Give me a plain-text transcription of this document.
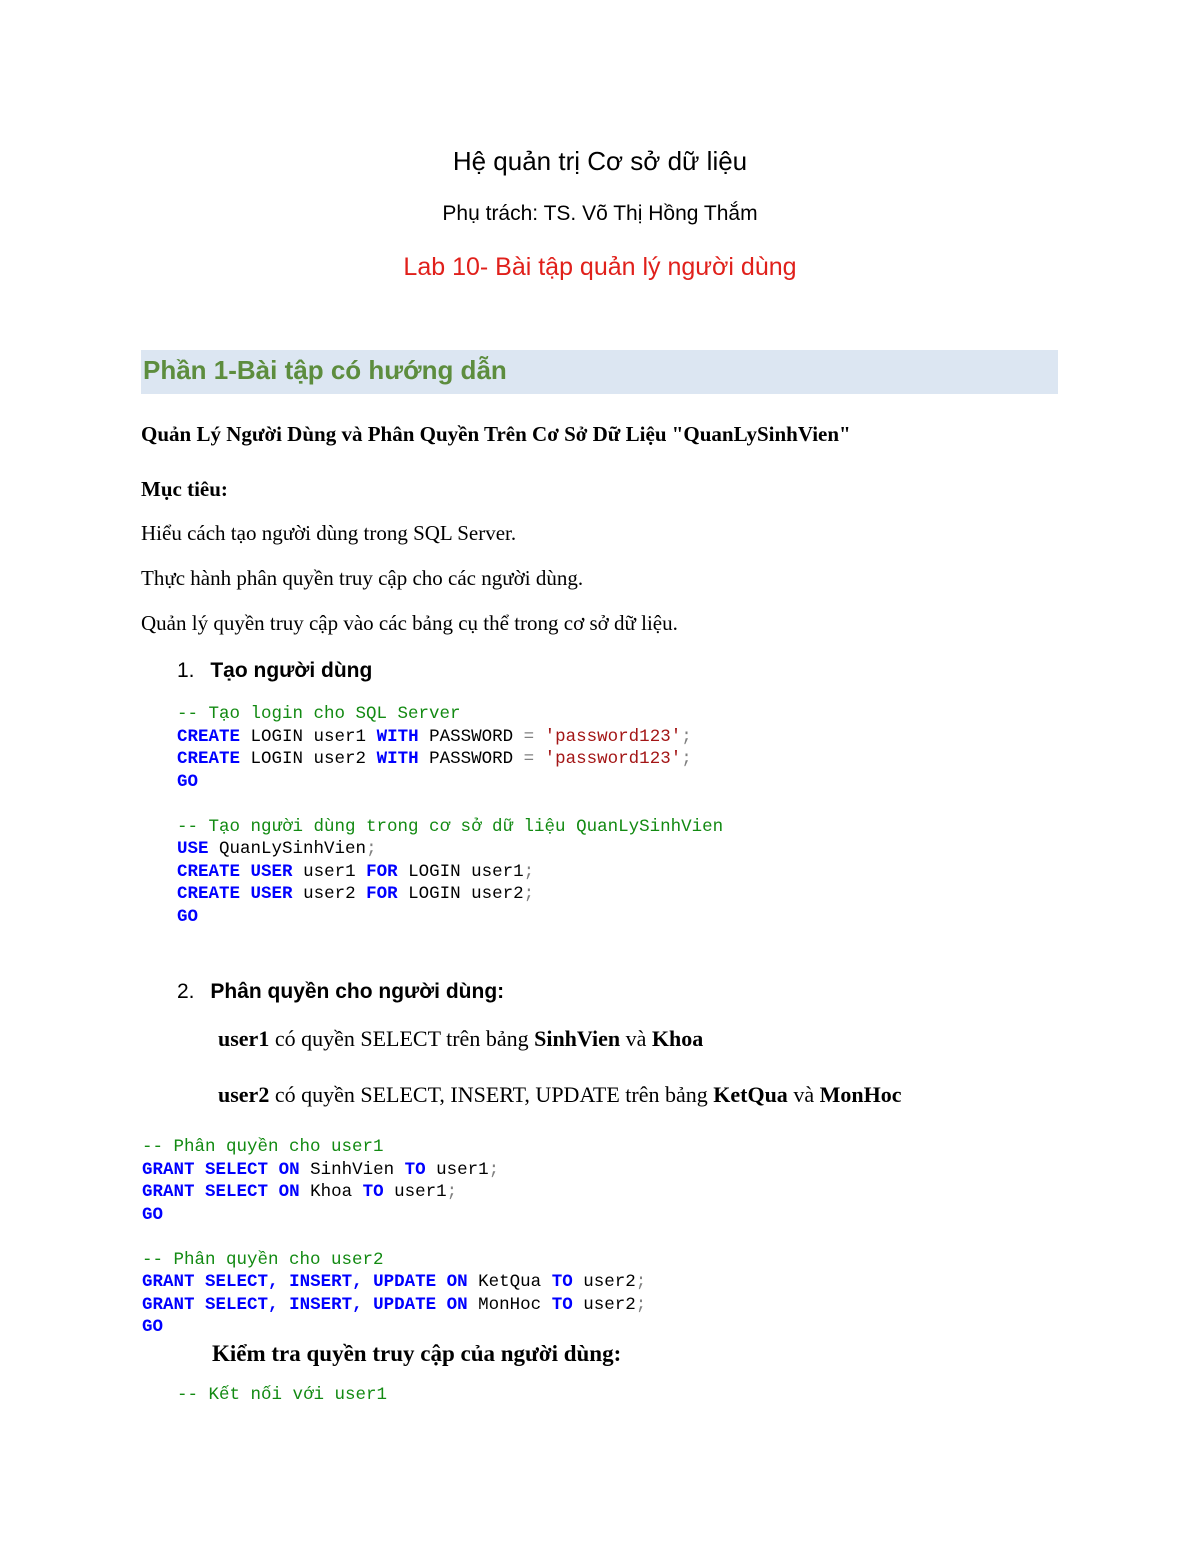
Hệ quản trị Cơ sở dữ liệu
Phụ trách: TS. Võ Thị Hồng Thắm
Lab 10- Bài tập quản lý người dùng
Phần 1-Bài tập có hướng dẫn
Quản Lý Người Dùng và Phân Quyền Trên Cơ Sở Dữ Liệu "QuanLySinhVien"
Mục tiêu:
Hiểu cách tạo người dùng trong SQL Server.
Thực hành phân quyền truy cập cho các người dùng.
Quản lý quyền truy cập vào các bảng cụ thể trong cơ sở dữ liệu.
1. Tạo người dùng
-- Tạo login cho SQL Server
CREATE LOGIN user1 WITH PASSWORD = 'password123';
CREATE LOGIN user2 WITH PASSWORD = 'password123';
GO
-- Tạo người dùng trong cơ sở dữ liệu QuanLySinhVien
USE QuanLySinhVien;
CREATE USER user1 FOR LOGIN user1;
CREATE USER user2 FOR LOGIN user2;
GO
2. Phân quyền cho người dùng:
user1 có quyền SELECT trên bảng SinhVien và Khoa
user2 có quyền SELECT, INSERT, UPDATE trên bảng KetQua và MonHoc
-- Phân quyền cho user1
GRANT SELECT ON SinhVien TO user1;
GRANT SELECT ON Khoa TO user1;
GO
-- Phân quyền cho user2
GRANT SELECT, INSERT, UPDATE ON KetQua TO user2;
GRANT SELECT, INSERT, UPDATE ON MonHoc TO user2;
GO
Kiểm tra quyền truy cập của người dùng:
-- Kết nối với user1
